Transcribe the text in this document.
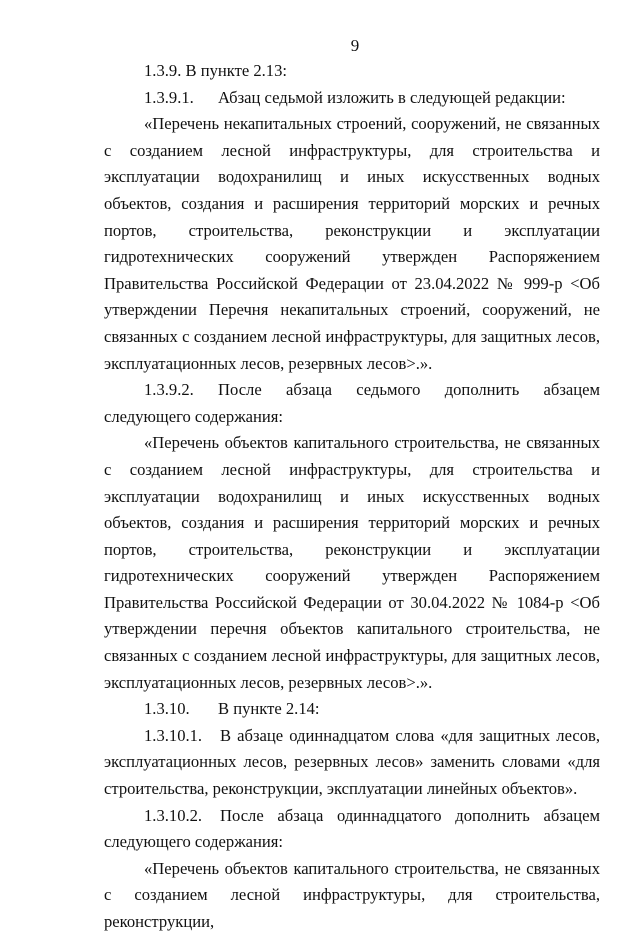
9

1.3.9. В пункте 2.13:

1.3.9.1. Абзац седьмой изложить в следующей редакции:

«Перечень некапитальных строений, сооружений, не связанных с созданием лесной инфраструктуры, для строительства и эксплуатации водохранилищ и иных искусственных водных объектов, создания и расширения территорий морских и речных портов, строительства, реконструкции и эксплуатации гидротехнических сооружений утвержден Распоряжением Правительства Российской Федерации от 23.04.2022 № 999-р <Об утверждении Перечня некапитальных строений, сооружений, не связанных с созданием лесной инфраструктуры, для защитных лесов, эксплуатационных лесов, резервных лесов>.».

1.3.9.2. После абзаца седьмого дополнить абзацем следующего содержания:

«Перечень объектов капитального строительства, не связанных с созданием лесной инфраструктуры, для строительства и эксплуатации водохранилищ и иных искусственных водных объектов, создания и расширения территорий морских и речных портов, строительства, реконструкции и эксплуатации гидротехнических сооружений утвержден Распоряжением Правительства Российской Федерации от 30.04.2022 № 1084-р <Об утверждении перечня объектов капитального строительства, не связанных с созданием лесной инфраструктуры, для защитных лесов, эксплуатационных лесов, резервных лесов>.».

1.3.10. В пункте 2.14:

1.3.10.1. В абзаце одиннадцатом слова «для защитных лесов, эксплуатационных лесов, резервных лесов» заменить словами «для строительства, реконструкции, эксплуатации линейных объектов».

1.3.10.2. После абзаца одиннадцатого дополнить абзацем следующего содержания:

«Перечень объектов капитального строительства, не связанных с созданием лесной инфраструктуры, для строительства, реконструкции,
